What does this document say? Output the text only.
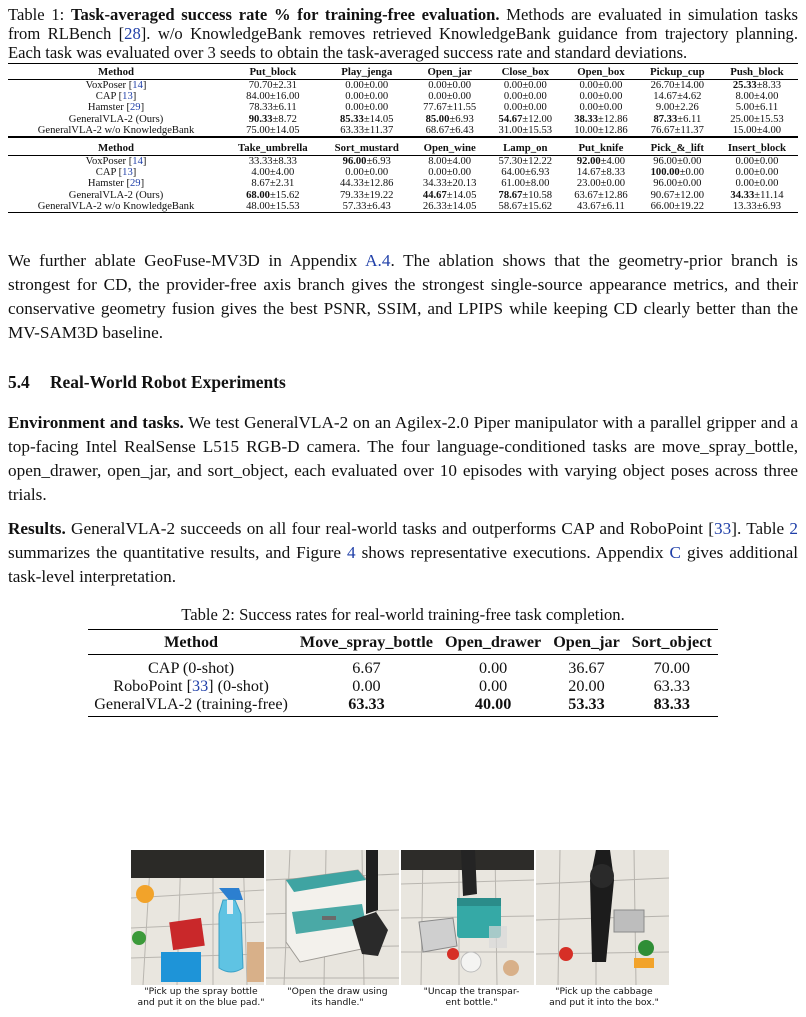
Table 1: Task-averaged success rate % for training-free evaluation. Methods are evaluated in simulation tasks from RLBench [28]. w/o KnowledgeBank removes retrieved KnowledgeBank guidance from trajectory planning. Each task was evaluated over 3 seeds to obtain the task-averaged success rate and standard deviations.

Method	Put_block	Play_jenga	Open_jar	Close_box	Open_box	Pickup_cup	Push_block
VoxPoser [14]	70.70±2.31	0.00±0.00	0.00±0.00	0.00±0.00	0.00±0.00	26.70±14.00	25.33±8.33
CAP [13]	84.00±16.00	0.00±0.00	0.00±0.00	0.00±0.00	0.00±0.00	14.67±4.62	8.00±4.00
Hamster [29]	78.33±6.11	0.00±0.00	77.67±11.55	0.00±0.00	0.00±0.00	9.00±2.26	5.00±6.11
GeneralVLA-2 (Ours)	90.33±8.72	85.33±14.05	85.00±6.93	54.67±12.00	38.33±12.86	87.33±6.11	25.00±15.53
GeneralVLA-2 w/o KnowledgeBank	75.00±14.05	63.33±11.37	68.67±6.43	31.00±15.53	10.00±12.86	76.67±11.37	15.00±4.00

Method	Take_umbrella	Sort_mustard	Open_wine	Lamp_on	Put_knife	Pick_&_lift	Insert_block
VoxPoser [14]	33.33±8.33	96.00±6.93	8.00±4.00	57.30±12.22	92.00±4.00	96.00±0.00	0.00±0.00
CAP [13]	4.00±4.00	0.00±0.00	0.00±0.00	64.00±6.93	14.67±8.33	100.00±0.00	0.00±0.00
Hamster [29]	8.67±2.31	44.33±12.86	34.33±20.13	61.00±8.00	23.00±0.00	96.00±0.00	0.00±0.00
GeneralVLA-2 (Ours)	68.00±15.62	79.33±19.22	44.67±14.05	78.67±10.58	63.67±12.86	90.67±12.00	34.33±11.14
GeneralVLA-2 w/o KnowledgeBank	48.00±15.53	57.33±6.43	26.33±14.05	58.67±15.62	43.67±6.11	66.00±19.22	13.33±6.93

We further ablate GeoFuse-MV3D in Appendix A.4. The ablation shows that the geometry-prior branch is strongest for CD, the provider-free axis branch gives the strongest single-source appearance metrics, and their conservative geometry fusion gives the best PSNR, SSIM, and LPIPS while keeping CD clearly better than the MV-SAM3D baseline.

5.4 Real-World Robot Experiments

Environment and tasks. We test GeneralVLA-2 on an Agilex-2.0 Piper manipulator with a parallel gripper and a top-facing Intel RealSense L515 RGB-D camera. The four language-conditioned tasks are move_spray_bottle, open_drawer, open_jar, and sort_object, each evaluated over 10 episodes with varying object poses across three trials.

Results. GeneralVLA-2 succeeds on all four real-world tasks and outperforms CAP and RoboPoint [33]. Table 2 summarizes the quantitative results, and Figure 4 shows representative executions. Appendix C gives additional task-level interpretation.

Table 2: Success rates for real-world training-free task completion.

Method	Move_spray_bottle	Open_drawer	Open_jar	Sort_object

CAP (0-shot)	6.67	0.00	36.67	70.00
RoboPoint [33] (0-shot)	0.00	0.00	20.00	63.33
GeneralVLA-2 (training-free)	63.33	40.00	53.33	83.33

"Pick up the spray bottle
and put it on the blue pad."
"Open the draw using
its handle."
"Uncap the transpar-
ent bottle."
"Pick up the cabbage
and put it into the box."
